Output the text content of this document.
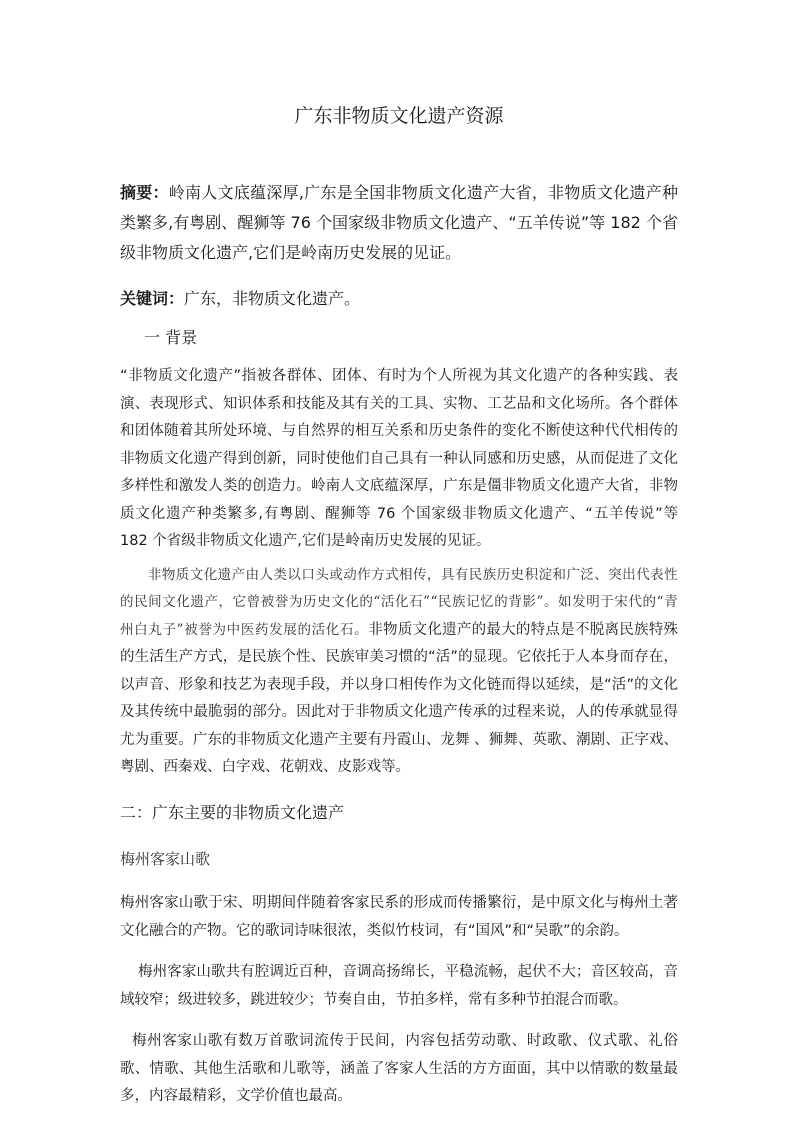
广东非物质文化遗产资源

摘要：岭南人文底蕴深厚,广东是全国非物质文化遗产大省，非物质文化遗产种类繁多,有粤剧、醒狮等 76 个国家级非物质文化遗产、“五羊传说”等 182 个省级非物质文化遗产,它们是岭南历史发展的见证。

关键词：广东，非物质文化遗产。

一 背景

“非物质文化遗产”指被各群体、团体、有时为个人所视为其文化遗产的各种实践、表演、表现形式、知识体系和技能及其有关的工具、实物、工艺品和文化场所。各个群体和团体随着其所处环境、与自然界的相互关系和历史条件的变化不断使这种代代相传的非物质文化遗产得到创新，同时使他们自己具有一种认同感和历史感，从而促进了文化多样性和激发人类的创造力。岭南人文底蕴深厚，广东是僵非物质文化遗产大省，非物质文化遗产种类繁多,有粤剧、醒狮等 76 个国家级非物质文化遗产、“五羊传说”等 182 个省级非物质文化遗产,它们是岭南历史发展的见证。

　　非物质文化遗产由人类以口头或动作方式相传，具有民族历史积淀和广泛、突出代表性的民间文化遗产，它曾被誉为历史文化的“活化石”“民族记忆的背影”。如发明于宋代的“青州白丸子”被誉为中医药发展的活化石。非物质文化遗产的最大的特点是不脱离民族特殊的生活生产方式，是民族个性、民族审美习惯的“活”的显现。它依托于人本身而存在，以声音、形象和技艺为表现手段，并以身口相传作为文化链而得以延续，是“活”的文化及其传统中最脆弱的部分。因此对于非物质文化遗产传承的过程来说，人的传承就显得尤为重要。广东的非物质文化遗产主要有丹霞山、龙舞 、狮舞、英歌、潮剧、正字戏、粤剧、西秦戏、白字戏、花朝戏、皮影戏等。

二：广东主要的非物质文化遗产
梅州客家山歌

梅州客家山歌于宋、明期间伴随着客家民系的形成而传播繁衍，是中原文化与梅州土著文化融合的产物。它的歌词诗味很浓，类似竹枝词，有“国风”和“吴歌”的余韵。

梅州客家山歌共有腔调近百种，音调高扬绵长，平稳流畅，起伏不大；音区较高，音域较窄；级进较多，跳进较少；节奏自由，节拍多样，常有多种节拍混合而歌。

梅州客家山歌有数万首歌词流传于民间，内容包括劳动歌、时政歌、仪式歌、礼俗歌、情歌、其他生活歌和儿歌等，涵盖了客家人生活的方方面面，其中以情歌的数量最多，内容最精彩，文学价值也最高。
